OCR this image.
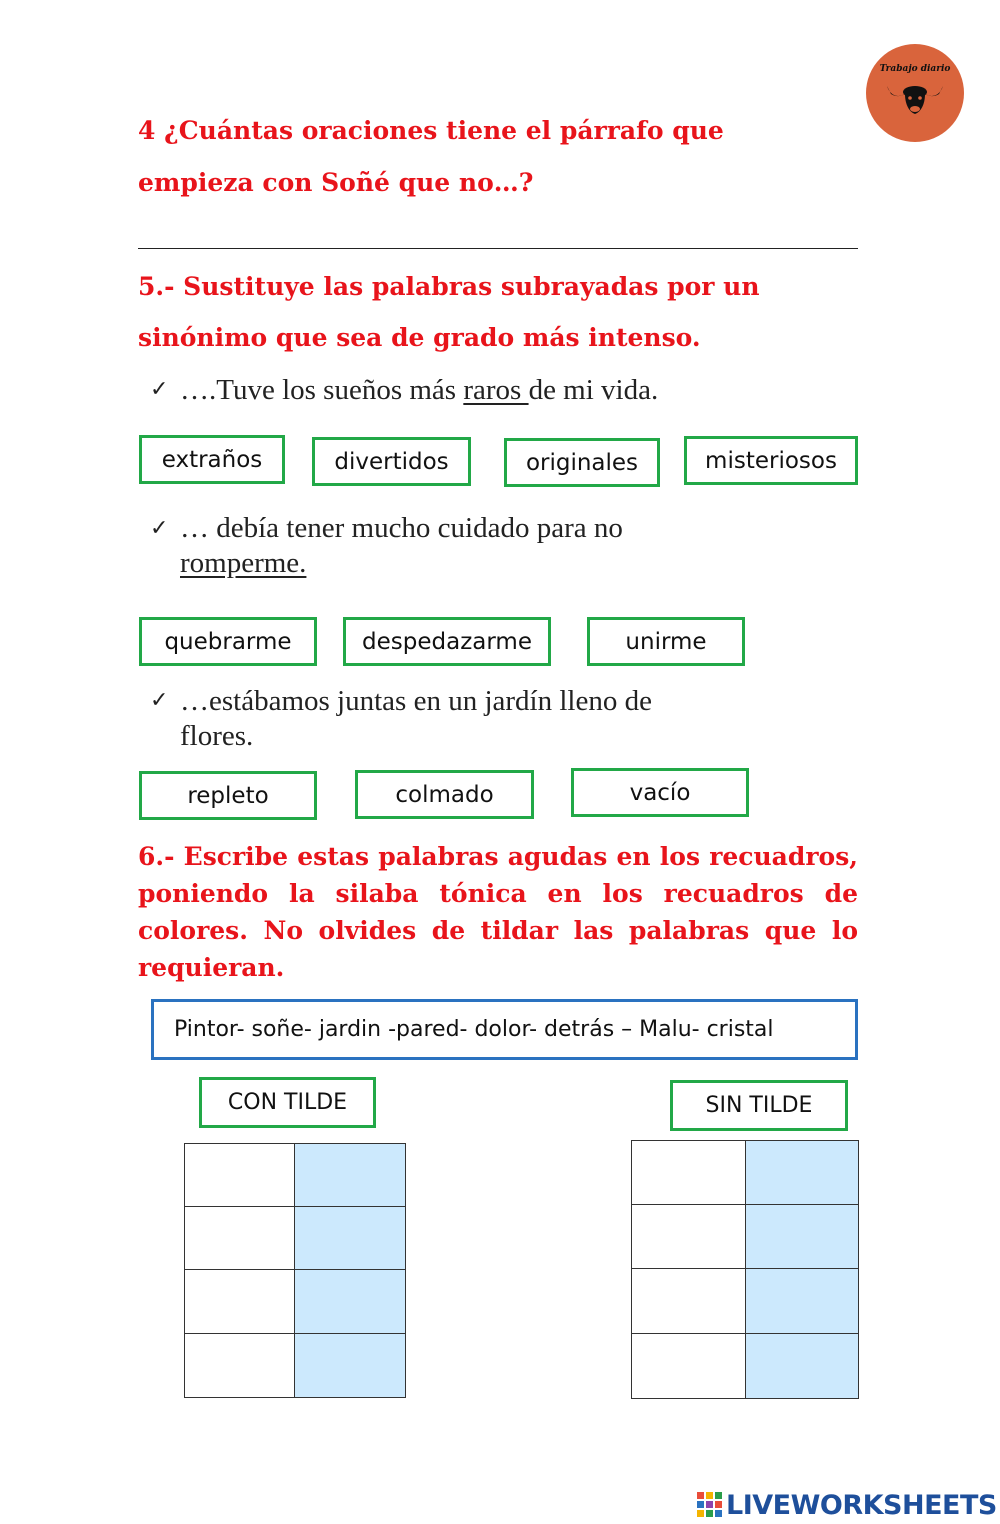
Trabajo diario
4 ¿Cuántas oraciones tiene el párrafo que
empieza con Soñé que no…?
5.- Sustituye las palabras subrayadas por un
sinónimo que sea de grado más intenso.
✓ ….Tuve los sueños más raros de mi vida.
extraños	divertidos	originales	misteriosos
✓ … debía tener mucho cuidado para no
romperme.
quebrarme	despedazarme	unirme
✓ …estábamos juntas en un jardín lleno de
flores.
repleto	colmado	vacío
6.- Escribe estas palabras agudas en los recuadros, poniendo la silaba tónica en los recuadros de colores. No olvides de tildar las palabras que lo requieran.
Pintor- soñe- jardin -pared- dolor- detrás – Malu- cristal
CON TILDE	SIN TILDE

LIVEWORKSHEETS
